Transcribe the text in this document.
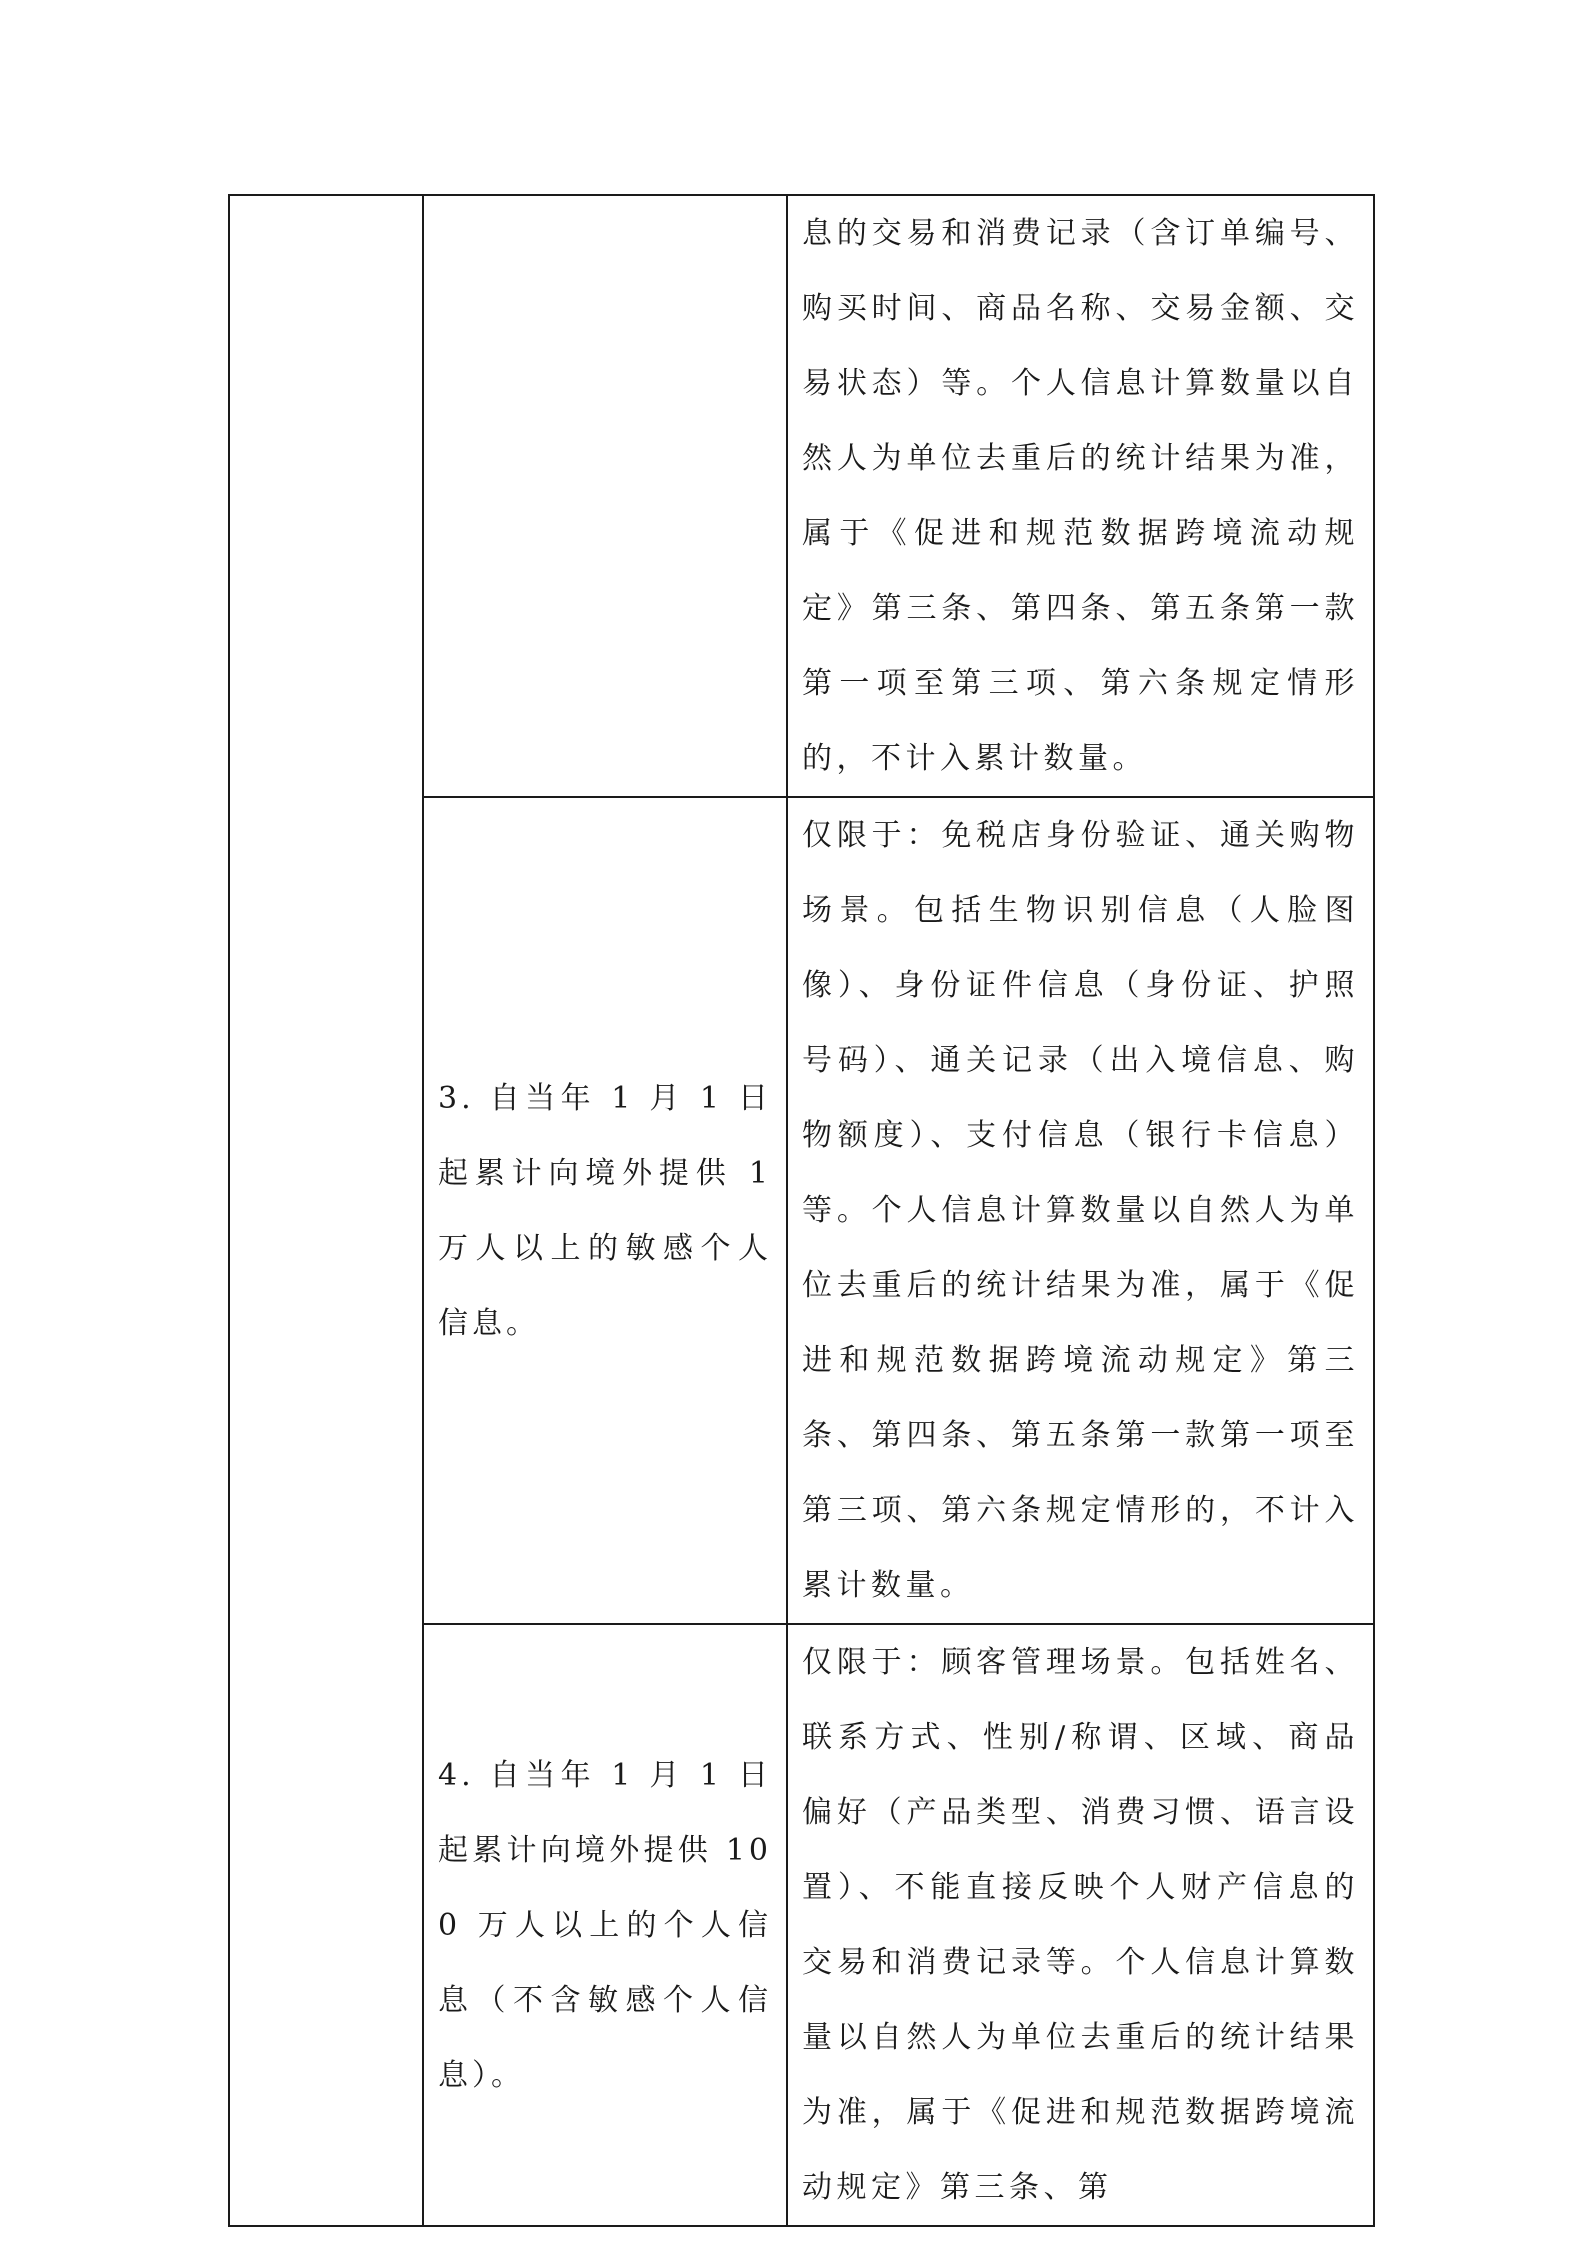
		息的交易和消费记录（含订单编号、购买时间、商品名称、交易金额、交易状态）等。个人信息计算数量以自然人为单位去重后的统计结果为准，属于《促进和规范数据跨境流动规定》第三条、第四条、第五条第一款第一项至第三项、第六条规定情形的，不计入累计数量。

	3. 自当年 1 月 1 日起累计向境外提供 1 万人以上的敏感个人信息。	仅限于：免税店身份验证、通关购物场景。包括生物识别信息（人脸图像）、身份证件信息（身份证、护照号码）、通关记录（出入境信息、购物额度）、支付信息（银行卡信息）等。个人信息计算数量以自然人为单位去重后的统计结果为准，属于《促进和规范数据跨境流动规定》第三条、第四条、第五条第一款第一项至第三项、第六条规定情形的，不计入累计数量。

	4. 自当年 1 月 1 日起累计向境外提供 100 万人以上的个人信息（不含敏感个人信息）。	仅限于：顾客管理场景。包括姓名、联系方式、性别/称谓、区域、商品偏好（产品类型、消费习惯、语言设置）、不能直接反映个人财产信息的交易和消费记录等。个人信息计算数量以自然人为单位去重后的统计结果为准，属于《促进和规范数据跨境流动规定》第三条、第
